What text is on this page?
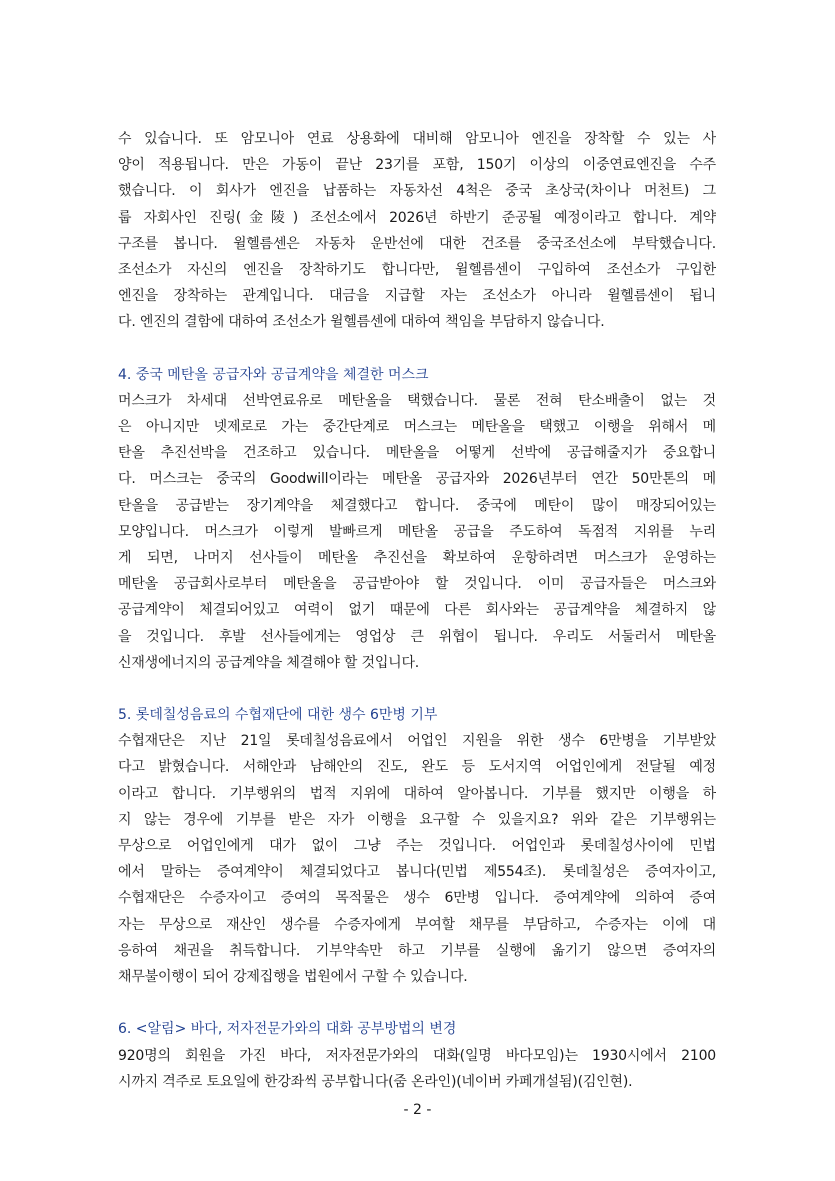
수 있습니다. 또 암모니아 연료 상용화에 대비해 암모니아 엔진을 장착할 수 있는 사
양이 적용됩니다. 만은 가동이 끝난 23기를 포함, 150기 이상의 이중연료엔진을 수주
했습니다. 이 회사가 엔진을 납품하는 자동차선 4척은 중국 초상국(차이나 머천트) 그
룹 자회사인 진링(金陵) 조선소에서 2026년 하반기 준공될 예정이라고 합니다. 계약
구조를 봅니다. 윌헬름센은 자동차 운반선에 대한 건조를 중국조선소에 부탁했습니다.
조선소가 자신의 엔진을 장착하기도 합니다만, 윌헬름센이 구입하여 조선소가 구입한
엔진을 장착하는 관계입니다. 대금을 지급할 자는 조선소가 아니라 윌헬름센이 됩니
다. 엔진의 결함에 대하여 조선소가 윌헬름센에 대하여 책임을 부담하지 않습니다.

4. 중국 메탄올 공급자와 공급계약을 체결한 머스크

머스크가 차세대 선박연료유로 메탄올을 택했습니다. 물론 전혀 탄소배출이 없는 것
은 아니지만 넷제로로 가는 중간단계로 머스크는 메탄올을 택했고 이행을 위해서 메
탄올 추진선박을 건조하고 있습니다. 메탄올을 어떻게 선박에 공급해줄지가 중요합니
다. 머스크는 중국의 Goodwill이라는 메탄올 공급자와 2026년부터 연간 50만톤의 메
탄올을 공급받는 장기계약을 체결했다고 합니다. 중국에 메탄이 많이 매장되어있는
모양입니다. 머스크가 이렇게 발빠르게 메탄올 공급을 주도하여 독점적 지위를 누리
게 되면, 나머지 선사들이 메탄올 추진선을 확보하여 운항하려면 머스크가 운영하는
메탄올 공급회사로부터 메탄올을 공급받아야 할 것입니다. 이미 공급자들은 머스크와
공급계약이 체결되어있고 여력이 없기 때문에 다른 회사와는 공급계약을 체결하지 않
을 것입니다. 후발 선사들에게는 영업상 큰 위협이 됩니다. 우리도 서둘러서 메탄올
신재생에너지의 공급계약을 체결해야 할 것입니다.

5. 롯데칠성음료의 수협재단에 대한 생수 6만병 기부

수협재단은 지난 21일 롯데칠성음료에서 어업인 지원을 위한 생수 6만병을 기부받았
다고 밝혔습니다. 서해안과 남해안의 진도, 완도 등 도서지역 어업인에게 전달될 예정
이라고 합니다. 기부행위의 법적 지위에 대하여 알아봅니다. 기부를 했지만 이행을 하
지 않는 경우에 기부를 받은 자가 이행을 요구할 수 있을지요? 위와 같은 기부행위는
무상으로 어업인에게 대가 없이 그냥 주는 것입니다. 어업인과 롯데칠성사이에 민법
에서 말하는 증여계약이 체결되었다고 봅니다(민법 제554조). 롯데칠성은 증여자이고,
수협재단은 수증자이고 증여의 목적물은 생수 6만병 입니다. 증여계약에 의하여 증여
자는 무상으로 재산인 생수를 수증자에게 부여할 채무를 부담하고, 수증자는 이에 대
응하여 채권을 취득합니다. 기부약속만 하고 기부를 실행에 옮기기 않으면 증여자의
채무불이행이 되어 강제집행을 법원에서 구할 수 있습니다.

6. <알림> 바다, 저자전문가와의 대화 공부방법의 변경

920명의 회원을 가진 바다, 저자전문가와의 대화(일명 바다모임)는 1930시에서 2100
시까지 격주로 토요일에 한강좌씩 공부합니다(줌 온라인)(네이버 카페개설됨)(김인현).
- 2 -
